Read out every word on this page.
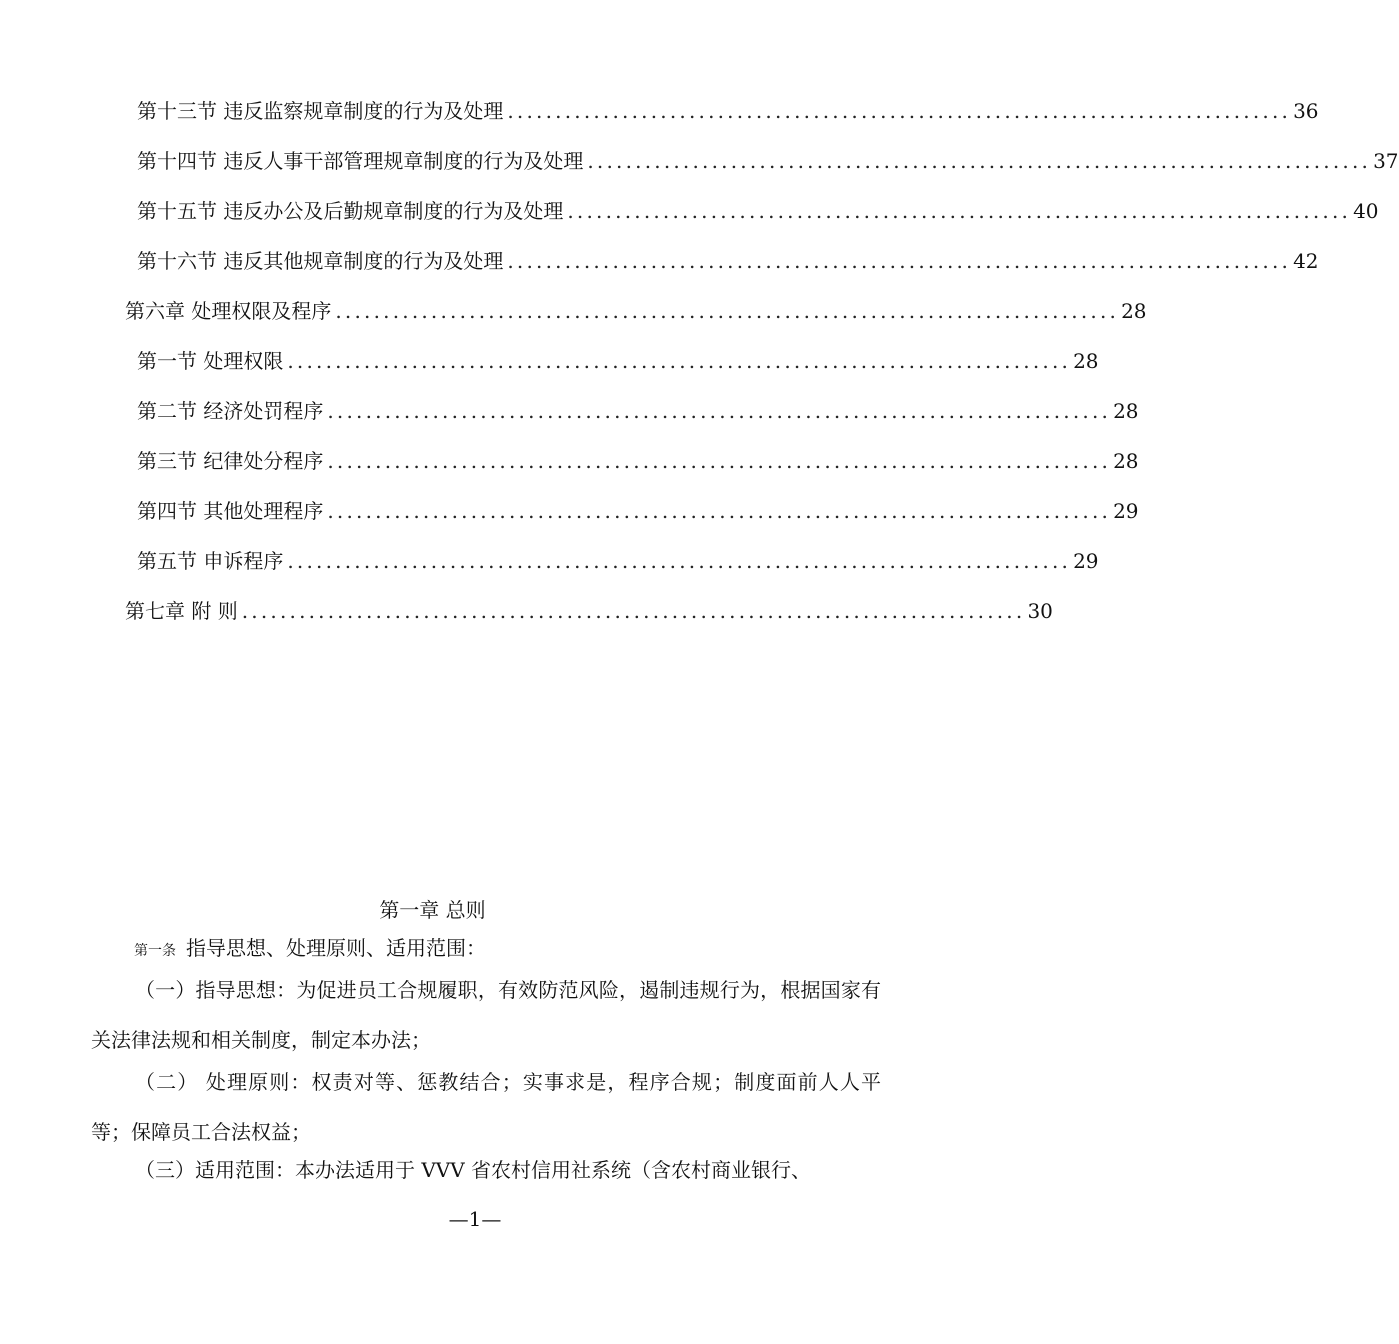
第十三节 违反监察规章制度的行为及处理 .................................................................................. 36
第十四节 违反人事干部管理规章制度的行为及处理 .................................................................................. 37
第十五节 违反办公及后勤规章制度的行为及处理 .................................................................................. 40
第十六节 违反其他规章制度的行为及处理 .................................................................................. 42
第六章 处理权限及程序 .................................................................................. 28
第一节 处理权限 .................................................................................. 28
第二节 经济处罚程序 .................................................................................. 28
第三节 纪律处分程序 .................................................................................. 28
第四节 其他处理程序 .................................................................................. 29
第五节 申诉程序 .................................................................................. 29
第七章 附 则 .................................................................................. 30
第一章 总则
第一条 指导思想、处理原则、适用范围：
（一）指导思想：为促进员工合规履职，有效防范风险，遏制违规行为，根据国家有关法律法规和相关制度，制定本办法；
（二） 处理原则：权责对等、惩教结合；实事求是，程序合规；制度面前人人平等；保障员工合法权益；
（三）适用范围：本办法适用于 VVV 省农村信用社系统（含农村商业银行、
—1—
